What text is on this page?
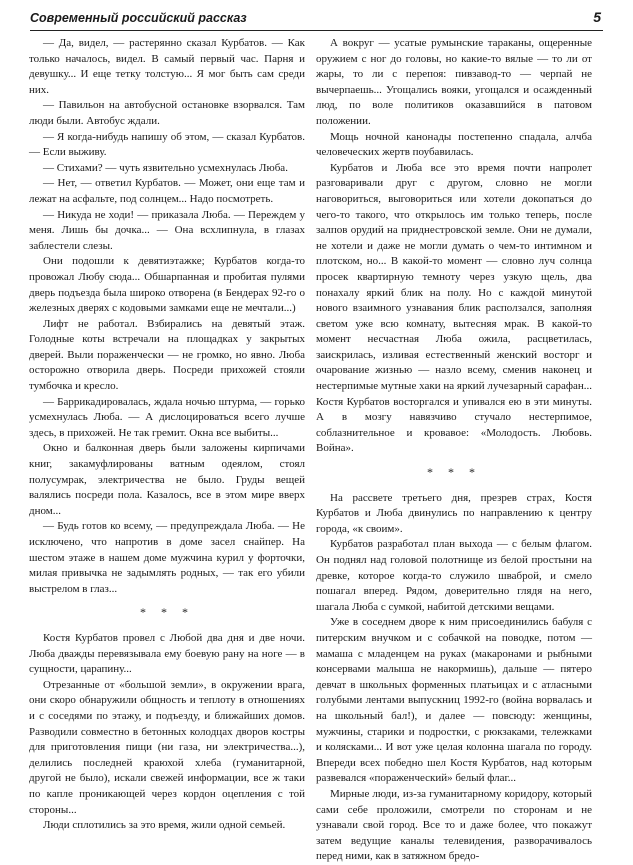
Современный российский рассказ	5

— Да, видел, — растерянно сказал Курбатов. — Как только началось, видел. В самый первый час. Парня и девушку... И еще тетку толстую... Я мог быть сам среди них.

— Павильон на автобусной остановке взорвался. Там люди были. Автобус ждали.

— Я когда-нибудь напишу об этом, — сказал Курбатов. — Если выживу.

— Стихами? — чуть язвительно усмехнулась Люба.

— Нет, — ответил Курбатов. — Может, они еще там и лежат на асфальте, под солнцем... Надо посмотреть.

— Никуда не ходи! — приказала Люба. — Переждем у меня. Лишь бы дочка... — Она всхлипнула, в глазах заблестели слезы.

Они подошли к девятиэтажке; Курбатов когда-то провожал Любу сюда... Обшарпанная и пробитая пулями дверь подъезда была широко отворена (в Бендерах 92-го о железных дверях с кодовыми замками еще не мечтали...)

Лифт не работал. Взбирались на девятый этаж. Голодные коты встречали на площадках у закрытых дверей. Выли пораженчески — не громко, но явно. Люба осторожно отворила дверь. Посреди прихожей стояли тумбочка и кресло.

— Баррикадировалась, ждала ночью штурма, — горько усмехнулась Люба. — А дислоцироваться всего лучше здесь, в прихожей. Не так гремит. Окна все выбиты...

Окно и балконная дверь были заложены кирпичами книг, закамуфлированы ватным одеялом, стоял полусумрак, электричества не было. Груды вещей валялись посреди пола. Казалось, все в этом мире вверх дном...

— Будь готов ко всему, — предупреждала Люба. — Не исключено, что напротив в доме засел снайпер. На шестом этаже в нашем доме мужчина курил у форточки, милая привычка не задымлять родных, — так его убили выстрелом в глаз...

* * *

Костя Курбатов провел с Любой два дня и две ночи. Люба дважды перевязывала ему боевую рану на ноге — в сущности, царапину...

Отрезанные от «большой земли», в окружении врага, они скоро обнаружили общность и теплоту в отношениях и с соседями по этажу, и подъезду, и ближайших домов. Разводили совместно в бетонных колодцах дворов костры для приготовления пищи (ни газа, ни электричества...), делились последней краюхой хлеба (гуманитарной, другой не было), искали свежей информации, все ж таки по капле проникающей через кордон оцепления с той стороны...

Люди сплотились за это время, жили одной семьей.

А вокруг — усатые румынские тараканы, ощеренные оружием с ног до головы, но какие-то вялые — то ли от жары, то ли с перепоя: пивзавод-то — черпай не вычерпаешь... Угощались вояки, угощался и осажденный люд, по воле политиков оказавшийся в патовом положении.

Мощь ночной канонады постепенно спадала, алчба человеческих жертв поубавилась.

Курбатов и Люба все это время почти напролет разговаривали друг с другом, словно не могли наговориться, выговориться или хотели докопаться до чего-то такого, что открылось им только теперь, после залпов орудий на приднестровской земле. Они не думали, не хотели и даже не могли думать о чем-то интимном и плотском, но... В какой-то момент — словно луч солнца просек квартирную темноту через узкую щель, два понахалу яркий блик на полу. Но с каждой минутой нового взаимного узнавания блик расползался, заполняя светом уже всю комнату, вытесняя мрак. В какой-то момент несчастная Люба ожила, расцветилась, заискрилась, изливая естественный женский восторг и очарование жизнью — назло всему, сменив наконец и нестерпимые мутные хаки на яркий лучезарный сарафан... Костя Курбатов восторгался и упивался ею в эти минуты. А в мозгу навязчиво стучало нестерпимое, соблазнительное и кровавое: «Молодость. Любовь. Война».

* * *

На рассвете третьего дня, презрев страх, Костя Курбатов и Люба двинулись по направлению к центру города, «к своим».

Курбатов разработал план выхода — с белым флагом. Он поднял над головой полотнище из белой простыни на древке, которое когда-то служило шваброй, и смело пошагал вперед. Рядом, доверительно глядя на него, шагала Люба с сумкой, набитой детскими вещами.

Уже в соседнем дворе к ним присоединились бабуля с питерским внучком и с собачкой на поводке, потом — мамаша с младенцем на руках (макаронами и рыбными консервами малыша не накормишь), дальше — пятеро девчат в школьных форменных платьицах и с атласными голубыми лентами выпускниц 1992-го (война ворвалась и на школьный бал!), и далее — повсюду: женщины, мужчины, старики и подростки, с рюкзаками, тележками и колясками... И вот уже целая колонна шагала по городу. Впереди всех победно шел Костя Курбатов, над которым развевался «пораженческий» белый флаг...

Мирные люди, из-за гуманитарному коридору, который сами себе проложили, смотрели по сторонам и не узнавали свой город. Все то и даже более, что покажут затем ведущие каналы телевидения, разворачивалось перед ними, как в затяжном бредо-
